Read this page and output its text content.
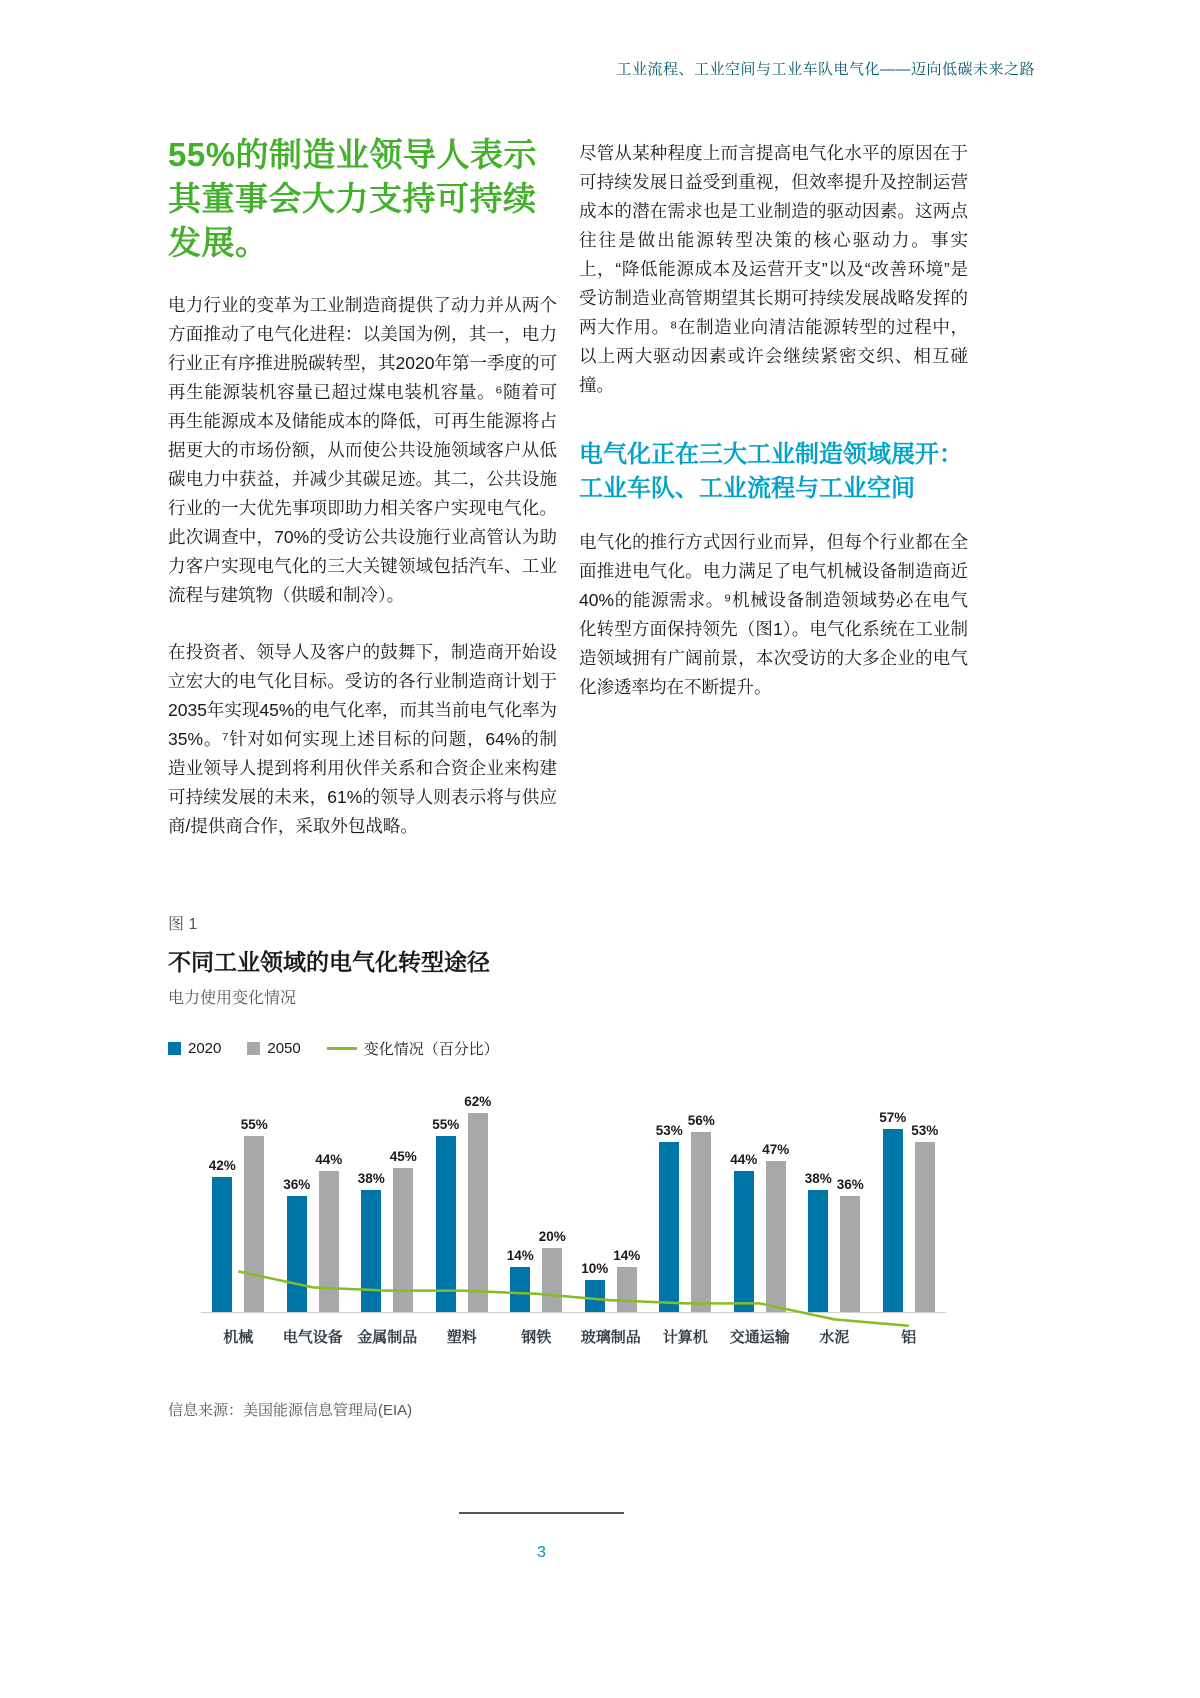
工业流程、工业空间与工业车队电气化——迈向低碳未来之路
55%的制造业领导人表示其董事会大力支持可持续发展。

电力行业的变革为工业制造商提供了动力并从两个方面推动了电气化进程：以美国为例，其一，电力行业正有序推进脱碳转型，其2020年第一季度的可再生能源装机容量已超过煤电装机容量。⁶随着可再生能源成本及储能成本的降低，可再生能源将占据更大的市场份额，从而使公共设施领域客户从低碳电力中获益，并减少其碳足迹。其二，公共设施行业的一大优先事项即助力相关客户实现电气化。此次调查中，70%的受访公共设施行业高管认为助力客户实现电气化的三大关键领域包括汽车、工业流程与建筑物（供暖和制冷）。

在投资者、领导人及客户的鼓舞下，制造商开始设立宏大的电气化目标。受访的各行业制造商计划于2035年实现45%的电气化率，而其当前电气化率为35%。⁷针对如何实现上述目标的问题，64%的制造业领导人提到将利用伙伴关系和合资企业来构建可持续发展的未来，61%的领导人则表示将与供应商/提供商合作，采取外包战略。

尽管从某种程度上而言提高电气化水平的原因在于可持续发展日益受到重视，但效率提升及控制运营成本的潜在需求也是工业制造的驱动因素。这两点往往是做出能源转型决策的核心驱动力。事实上，“降低能源成本及运营开支”以及“改善环境”是受访制造业高管期望其长期可持续发展战略发挥的两大作用。⁸在制造业向清洁能源转型的过程中，以上两大驱动因素或许会继续紧密交织、相互碰撞。

电气化正在三大工业制造领域展开：工业车队、工业流程与工业空间

电气化的推行方式因行业而异，但每个行业都在全面推进电气化。电力满足了电气机械设备制造商近40%的能源需求。⁹机械设备制造领域势必在电气化转型方面保持领先（图1）。电气化系统在工业制造领域拥有广阔前景，本次受访的大多企业的电气化渗透率均在不断提升。

图 1
不同工业领域的电气化转型途径
电力使用变化情况
2020	2050	变化情况（百分比）
42%
55%
36%
44%
38%
45%
55%
62%
14%
20%
10%
14%
53%
56%
44%
47%
38% 36%
57%
53%
机械	电气设备 金属制品	塑料	钢铁	玻璃制品	计算机	交通运输	水泥	铝
信息来源：美国能源信息管理局(EIA)
3
